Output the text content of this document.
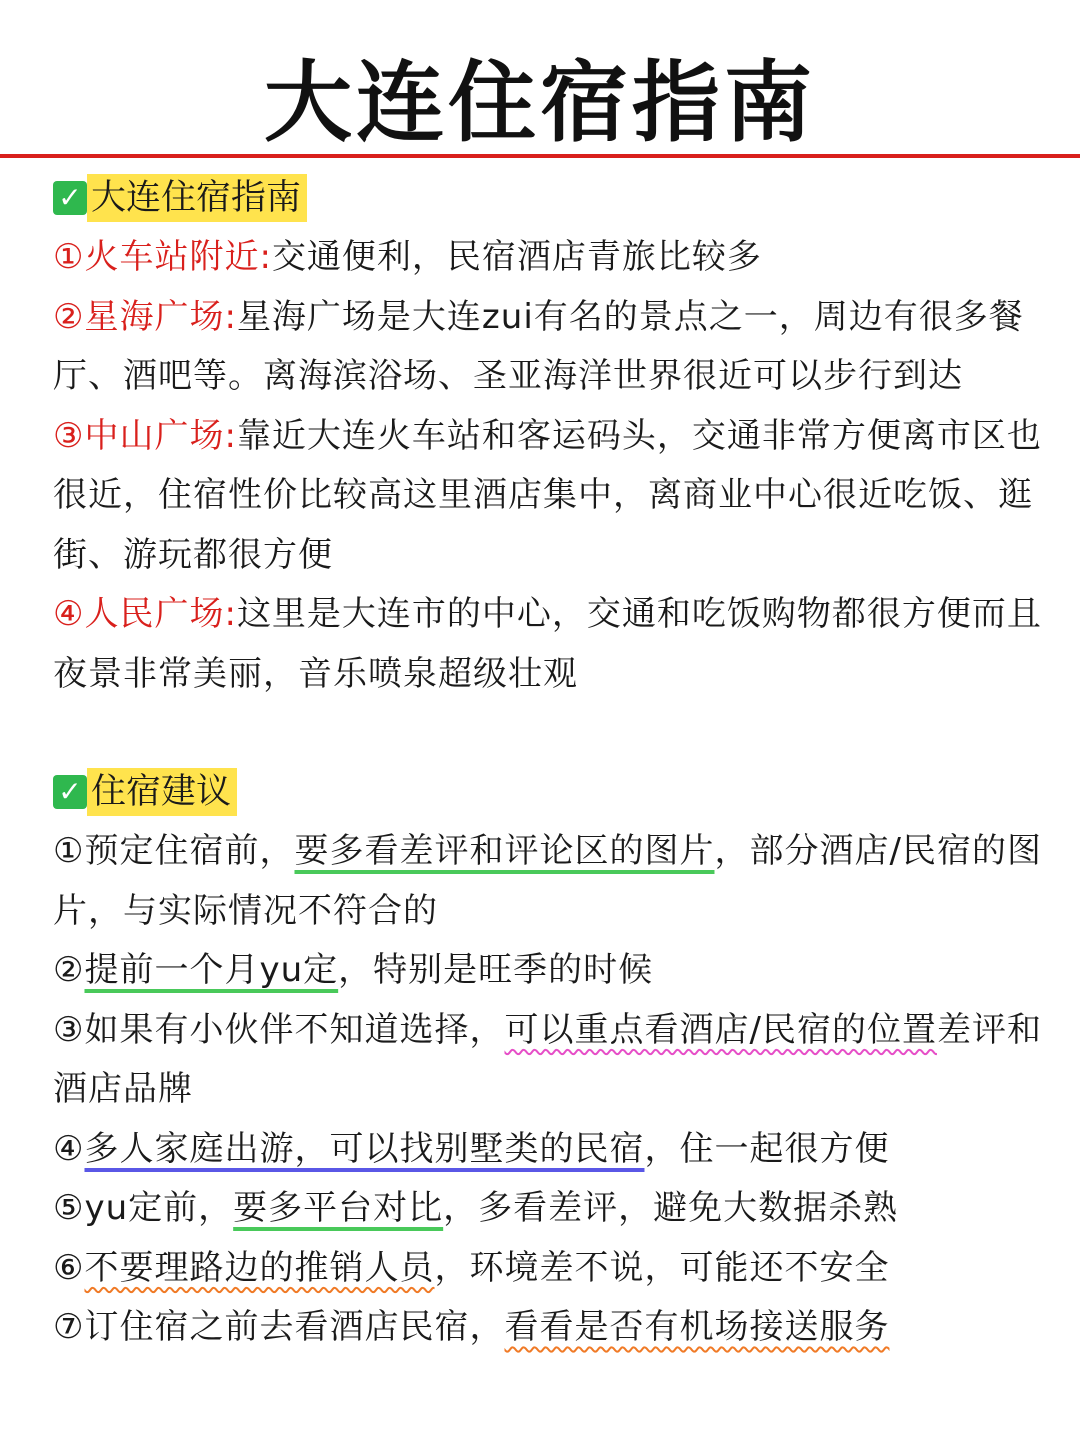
大连住宿指南
✓ 大连住宿指南
①火车站附近:交通便利，民宿酒店青旅比较多
②星海广场:星海广场是大连zui有名的景点之一，周边有很多餐厅、酒吧等。离海滨浴场、圣亚海洋世界很近可以步行到达
③中山广场:靠近大连火车站和客运码头，交通非常方便离市区也很近，住宿性价比较高这里酒店集中，离商业中心很近吃饭、逛街、游玩都很方便
④人民广场:这里是大连市的中心，交通和吃饭购物都很方便而且夜景非常美丽，音乐喷泉超级壮观
✓ 住宿建议
①预定住宿前，要多看差评和评论区的图片，部分酒店/民宿的图片，与实际情况不符合的
②提前一个月yu定，特别是旺季的时候
③如果有小伙伴不知道选择，可以重点看酒店/民宿的位置差评和酒店品牌
④多人家庭出游，可以找别墅类的民宿，住一起很方便
⑤yu定前，要多平台对比，多看差评，避免大数据杀熟
⑥不要理路边的推销人员，环境差不说，可能还不安全
⑦订住宿之前去看酒店民宿，看看是否有机场接送服务
